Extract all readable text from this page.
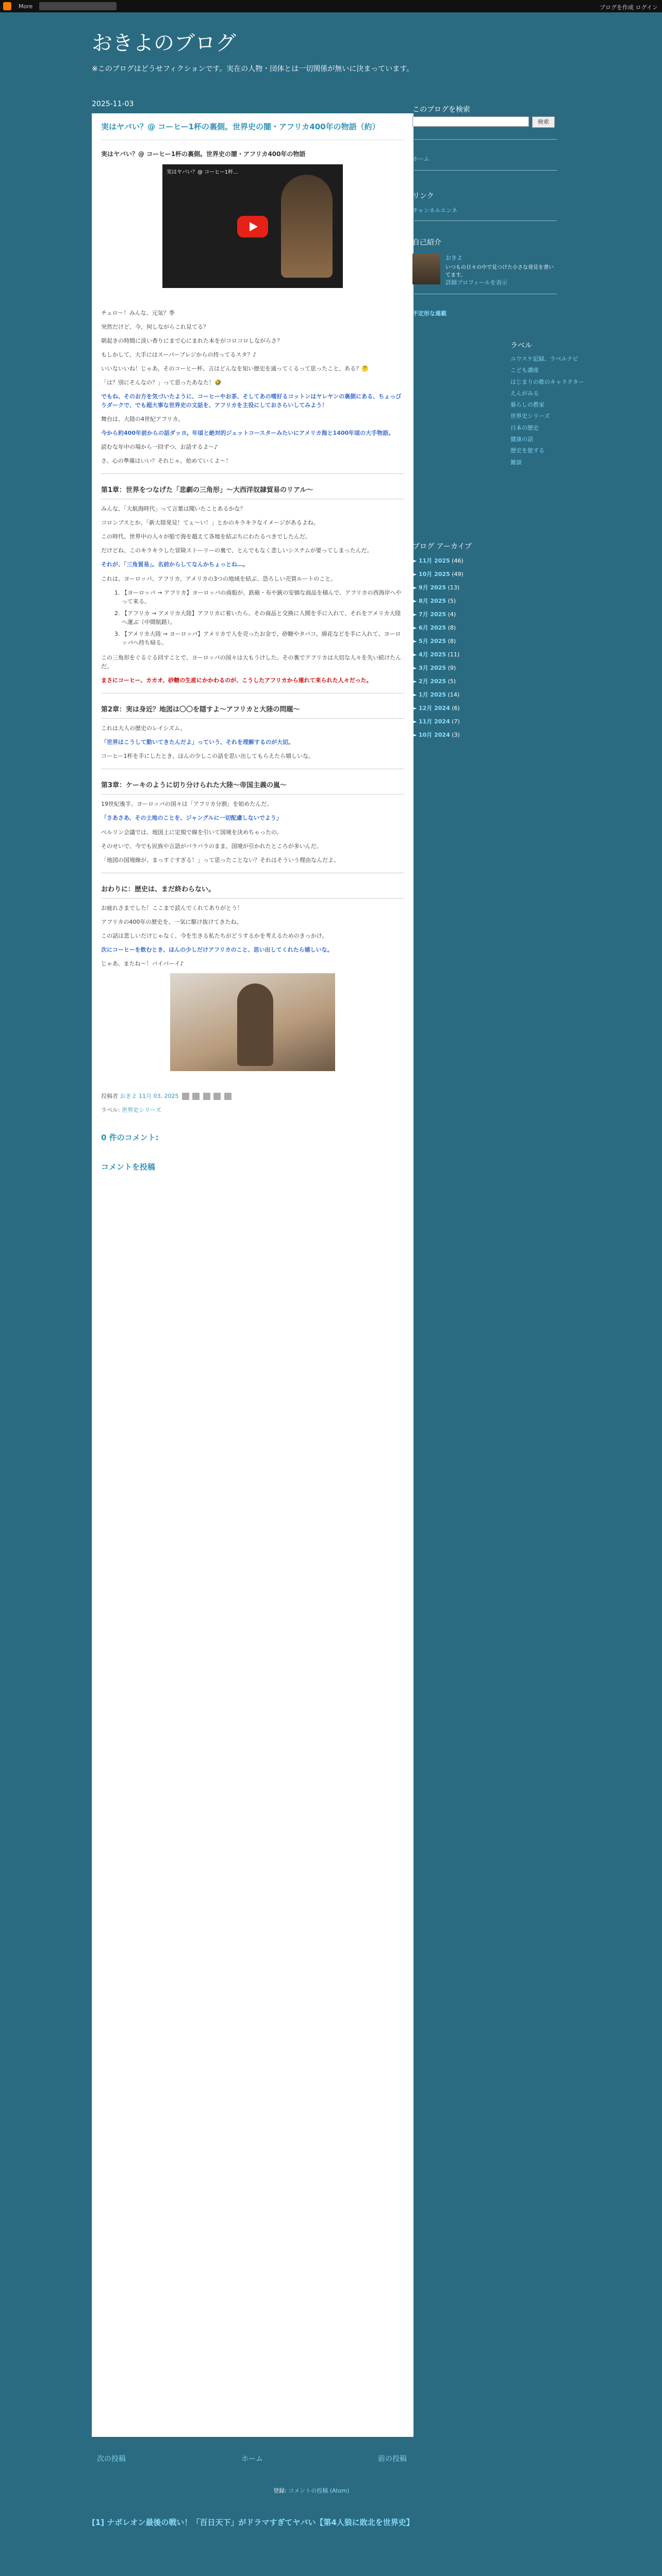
More	ブログを作成 ログイン
おきよのブログ
※このブログはどうせフィクションです。実在の人物・団体とは一切関係が無いに決まっています。
2025-11-03
実はヤバい？@ コーヒー1杯の裏側。世界史の闇・アフリカ400年の物語（約）
実はヤバい？@ コーヒー1杯の裏側。世界史の闇・アフリカ400年の物語
実はヤバい？@ コーヒー1杯...

チュロ〜！みんな、元気？季

突然だけど、今、何しながらこれ見てる？

朝起きの時間に淡い香りにまで心にまれた本をがコロコロしながらさ？

もしかして、大手にはスーパーブレジからの持ってるスタ？♪

いいないいね！じゃあ、そのコーヒー杯、言はどんなを知い歴史を通ってくるって思ったこと、ある？🤔

「は？別にそんなの？」って思ったあなた！🤣

でもね、そのお方を気づいたように、コーヒーやお茶、そしてあの嗜好るコットンはヤレヤンの裏側にある、ちょっびりダークで、でも超大事な世界史の文話を、アフリカを主役にしておさらいしてみよう！

舞台は、大陸の4世紀アフリカ。

今から約400年前からの話ダッヨ。年頃と絶対的ジェットコースターみたいにアメリカ海と1400年頃の大手物語。

読むな年中の場から一回ずつ、お話するよ〜♪

さ、心の準備はいい？それじゃ、始めていくよ〜！

第1章：世界をつなげた「悲劇の三角形」〜大西洋奴隷貿易のリアル〜

みんな、「大航海時代」って言葉は聞いたことあるかな？

コロンブスとか、「新大陸発見！てぇ〜い！」とかのキラキラなイメージがあるよね。

この時代、世界中の人々が船で海を越えて各地を結ぶちにわたるべきでしたんだ。

だけどね、このキラキラした冒険ストーリーの裏で、とんでもなく悲しいシステムが要ってしまったんだ。

それが、「三角貿易」。名前からしてなんかちょっとね…。

これは、ヨーロッパ、アフリカ、アメリカの3つの地域を結ぶ、恐ろしい売買ルートのこと。

1. 【ヨーロッパ → アフリカ】ヨーロッパの商船が、鉄砲・布や銃の安価な商品を積んで、アフリカの西海岸へやって来る。
2. 【アフリカ → アメリカ大陸】アフリカに着いたら、その商品と交換に人間を手に入れて、それをアメリカ大陸へ運ぶ（中間航路）。
3. 【アメリカ大陸 → ヨーロッパ】アメリカで人を売ったお金で、砂糖やタバコ、綿花などを手に入れて、ヨーロッパへ持ち帰る。

この三角形をぐるぐる回すことで、ヨーロッパの国々は大もうけした。その裏でアフリカは大切な人々を失い続けたんだ。

まさにコーヒー、カカオ、砂糖の生産にかかわるのが、こうしたアフリカから連れて来られた人々だった。

第2章：実は身近？地図は〇〇を隠すよ〜アフリカと大陸の問題〜

これは大人の歴史のレイシズム。

「世界はこうして動いてきたんだよ」っていう、それを理解するのが大切。

コーヒー1杯を手にしたとき、ほんの少しこの話を思い出してもらえたら嬉しいな。

第3章：ケーキのように切り分けられた大陸〜帝国主義の嵐〜

19世紀後半、ヨーロッパの国々は「アフリカ分割」を始めたんだ。

「さあさあ、その土地のことを、ジャングルに一切配慮しないでよう」

ベルリン会議では、地図上に定規で線を引いて国境を決めちゃったの。

そのせいで、今でも民族や言語がバラバラのまま、国境が引かれたところが多いんだ。

「地図の国境線が、まっすぐすぎる！」って思ったことない？それはそういう理由なんだよ。

おわりに：歴史は、まだ終わらない。

お疲れさまでした！ここまで読んでくれてありがとう！

アフリカの400年の歴史を、一気に駆け抜けてきたね。

この話は悲しいだけじゃなく、今を生きる私たちがどうするかを考えるためのきっかけ。

次にコーヒーを飲むとき、ほんの少しだけアフリカのこと、思い出してくれたら嬉しいな。

じゃあ、またね〜！バイバーイ♪

投稿者 おきよ 11月 03, 2025
ラベル: 世界史シリーズ
0 件のコメント:
コメントを投稿
このブログを検索
検索
ホーム
リンク
チャンネルエンネ
自己紹介
おきよ
いつもの日々の中で見つけた小さな発見を書いてます。
詳細プロフィールを表示
不定形な連載
ラベル
ユウスケ記録、ラベルナビ
こども講座
はじまりの歌のキャラクター
えんがみる
暮らしの教室
世界史シリーズ
日本の歴史
健康の話
歴史を旅する
雑談
ブログ アーカイブ
► 11月 2025 (46)
► 10月 2025 (49)
► 9月 2025 (13)
► 8月 2025 (5)
► 7月 2025 (4)
► 6月 2025 (8)
► 5月 2025 (8)
► 4月 2025 (11)
► 3月 2025 (9)
► 2月 2025 (5)
► 1月 2025 (14)
► 12月 2024 (6)
► 11月 2024 (7)
► 10月 2024 (3)
次の投稿	ホーム	前の投稿
登録: コメントの投稿 (Atom)
[1] ナポレオン最後の戦い！「百日天下」がドラマすぎてヤバい【第4人狼に敗北を世界史】
